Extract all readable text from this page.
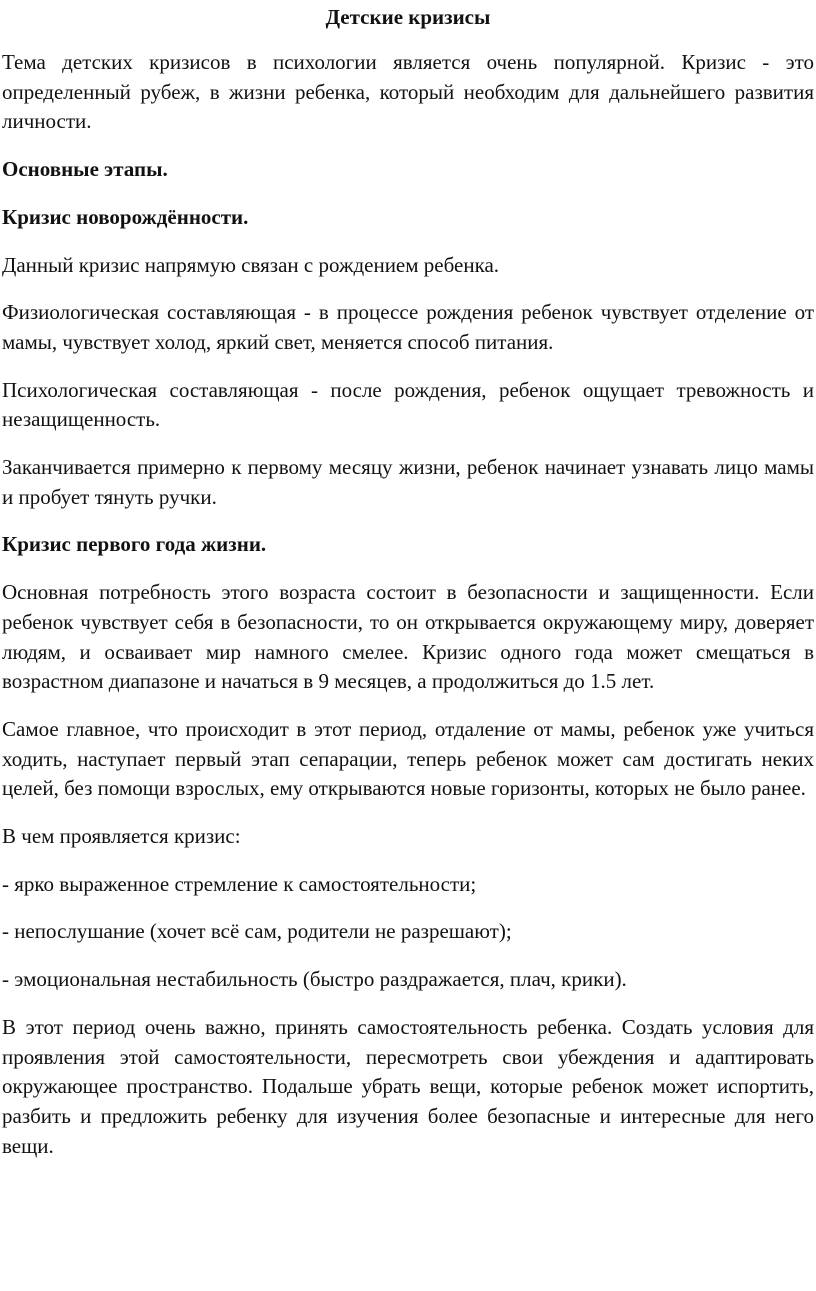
Детские кризисы

Тема детских кризисов в психологии является очень популярной. Кризис - это определенный рубеж, в жизни ребенка, который необходим для дальнейшего развития личности.

Основные этапы.

Кризис новорождённости.

Данный кризис напрямую связан с рождением ребенка.

Физиологическая составляющая - в процессе рождения ребенок чувствует отделение от мамы, чувствует холод, яркий свет, меняется способ питания.

Психологическая составляющая - после рождения, ребенок ощущает тревожность и незащищенность.

Заканчивается примерно к первому месяцу жизни, ребенок начинает узнавать лицо мамы и пробует тянуть ручки.

Кризис первого года жизни.

Основная потребность этого возраста состоит в безопасности и защищенности. Если ребенок чувствует себя в безопасности, то он открывается окружающему миру, доверяет людям, и осваивает мир намного смелее. Кризис одного года может смещаться в возрастном диапазоне и начаться в 9 месяцев, а продолжиться до 1.5 лет.

Самое главное, что происходит в этот период, отдаление от мамы, ребенок уже учиться ходить, наступает первый этап сепарации, теперь ребенок может сам достигать неких целей, без помощи взрослых, ему открываются новые горизонты, которых не было ранее.

В чем проявляется кризис:

- ярко выраженное стремление к самостоятельности;

- непослушание (хочет всё сам, родители не разрешают);

- эмоциональная нестабильность (быстро раздражается, плач, крики).

В этот период очень важно, принять самостоятельность ребенка. Создать условия для проявления этой самостоятельности, пересмотреть свои убеждения и адаптировать окружающее пространство. Подальше убрать вещи, которые ребенок может испортить, разбить и предложить ребенку для изучения более безопасные и интересные для него вещи.
